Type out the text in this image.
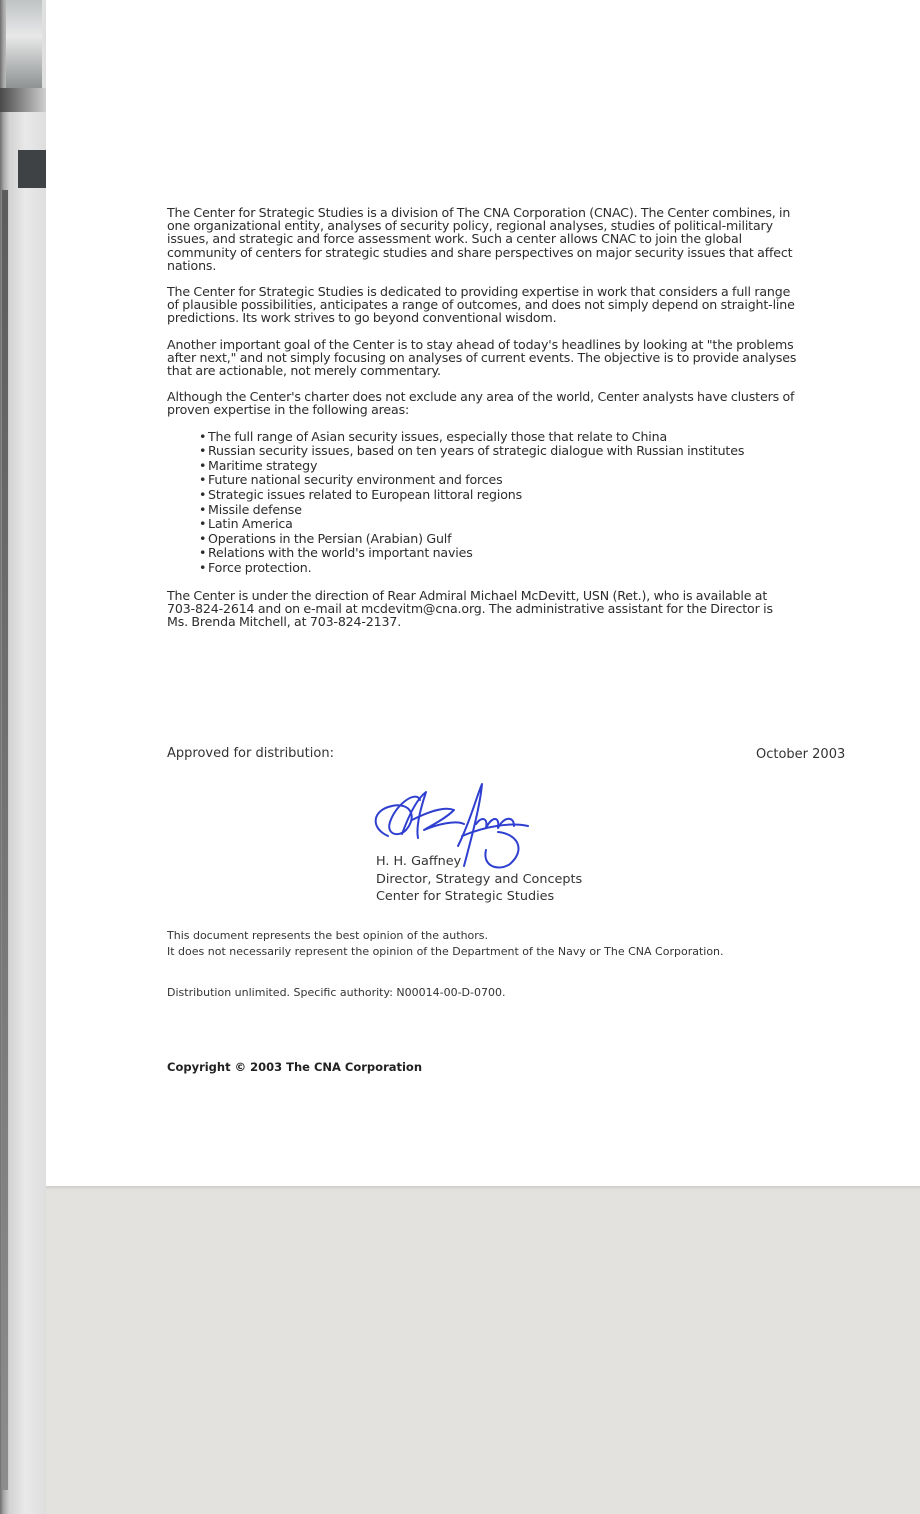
The Center for Strategic Studies is a division of The CNA Corporation (CNAC). The Center combines, in one organizational entity, analyses of security policy, regional analyses, studies of political-military issues, and strategic and force assessment work. Such a center allows CNAC to join the global community of centers for strategic studies and share perspectives on major security issues that affect nations.

The Center for Strategic Studies is dedicated to providing expertise in work that considers a full range of plausible possibilities, anticipates a range of outcomes, and does not simply depend on straight-line predictions. Its work strives to go beyond conventional wisdom.

Another important goal of the Center is to stay ahead of today's headlines by looking at "the problems after next," and not simply focusing on analyses of current events. The objective is to provide analyses that are actionable, not merely commentary.

Although the Center's charter does not exclude any area of the world, Center analysts have clusters of proven expertise in the following areas:

• The full range of Asian security issues, especially those that relate to China
• Russian security issues, based on ten years of strategic dialogue with Russian institutes
• Maritime strategy
• Future national security environment and forces
• Strategic issues related to European littoral regions
• Missile defense
• Latin America
• Operations in the Persian (Arabian) Gulf
• Relations with the world's important navies
• Force protection.

The Center is under the direction of Rear Admiral Michael McDevitt, USN (Ret.), who is available at 703-824-2614 and on e-mail at mcdevitm@cna.org. The administrative assistant for the Director is Ms. Brenda Mitchell, at 703-824-2137.

Approved for distribution:	October 2003
H. H. Gaffney
Director, Strategy and Concepts
Center for Strategic Studies
This document represents the best opinion of the authors.
It does not necessarily represent the opinion of the Department of the Navy or The CNA Corporation.
Distribution unlimited. Specific authority: N00014-00-D-0700.
Copyright © 2003 The CNA Corporation
